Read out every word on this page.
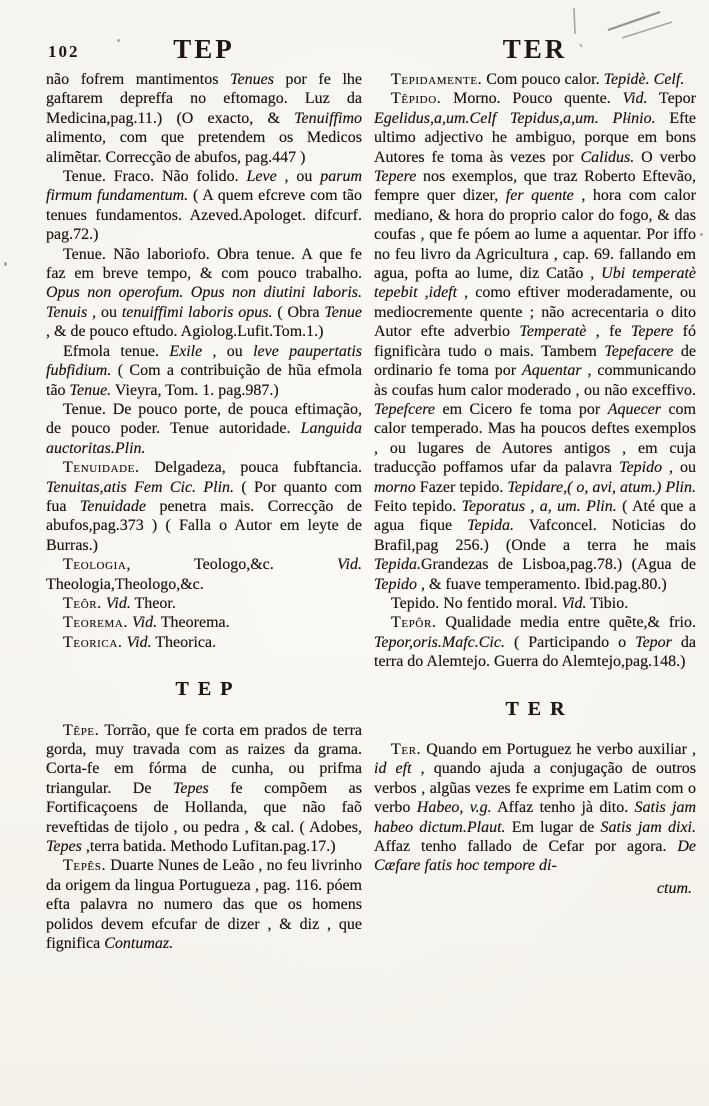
102	TEP	TER

não fofrem mantimentos Tenues por fe lhe gaftarem depreffa no eftomago. Luz da Medicina,pag.11.) (O exacto, & Tenuiffimo alimento, com que pretendem os Medicos alimẽtar. Correcção de abufos, pag.447 )

Tenue. Fraco. Não folido. Leve , ou parum firmum fundamentum. ( A quem efcreve com tão tenues fundamentos. Azeved.Apologet. difcurf. pag.72.)

Tenue. Não laboriofo. Obra tenue. A que fe faz em breve tempo, & com pouco trabalho. Opus non operofum. Opus non diutini laboris. Tenuis , ou tenuiffimi laboris opus. ( Obra Tenue , & de pouco eftudo. Agiolog.Lufit.Tom.1.)

Efmola tenue. Exile , ou leve paupertatis fubfidium. ( Com a contribuição de hũa efmola tão Tenue. Vieyra, Tom. 1. pag.987.)

Tenue. De pouco porte, de pouca eftimação, de pouco poder. Tenue autoridade. Languida auctoritas.Plin.

Tenuidade. Delgadeza, pouca fubftancia. Tenuitas,atis Fem Cic. Plin. ( Por quanto com fua Tenuidade penetra mais. Correcção de abufos,pag.373 ) ( Falla o Autor em leyte de Burras.)

Teologia, Teologo,&c. Vid. Theologia,Theologo,&c.

Teôr. Vid. Theor.

Teorema. Vid. Theorema.

Teorica. Vid. Theorica.

TEP

Têpe. Torrão, que fe corta em prados de terra gorda, muy travada com as raizes da grama. Corta-fe em fórma de cunha, ou prifma triangular. De Tepes fe compõem as Fortificaçoens de Hollanda, que não faõ reveftidas de tijolo , ou pedra , & cal. ( Adobes, Tepes ,terra batida. Methodo Lufitan.pag.17.)

Tepês. Duarte Nunes de Leão , no feu livrinho da origem da lingua Portugueza , pag. 116. póem efta palavra no numero das que os homens polidos devem efcufar de dizer , & diz , que fignifica Contumaz.

Tepidamente. Com pouco calor. Tepidè. Celf.

Têpido. Morno. Pouco quente. Vid. Tepor Egelidus,a,um.Celf Tepidus,a,um. Plinio. Efte ultimo adjectivo he ambiguo, porque em bons Autores fe toma às vezes por Calidus. O verbo Tepere nos exemplos, que traz Roberto Eftevão, fempre quer dizer, fer quente , hora com calor mediano, & hora do proprio calor do fogo, & das coufas , que fe póem ao lume a aquentar. Por iffo no feu livro da Agricultura , cap. 69. fallando em agua, pofta ao lume, diz Catão , Ubi temperatè tepebit ,ideft , como eftiver moderadamente, ou mediocremente quente ; não acrecentaria o dito Autor efte adverbio Temperatè , fe Tepere fó fignificàra tudo o mais. Tambem Tepefacere de ordinario fe toma por Aquentar , communicando às coufas hum calor moderado , ou não exceffivo. Tepefcere em Cicero fe toma por Aquecer com calor temperado. Mas ha poucos deftes exemplos , ou lugares de Autores antigos , em cuja traducção poffamos ufar da palavra Tepido , ou morno Fazer tepido. Tepidare,( o, avi, atum.) Plin. Feito tepido. Teporatus , a, um. Plin. ( Até que a agua fique Tepida. Vafconcel. Noticias do Brafil,pag 256.) (Onde a terra he mais Tepida.Grandezas de Lisboa,pag.78.) (Agua de Tepido , & fuave temperamento. Ibid.pag.80.)

Tepido. No fentido moral. Vid. Tibio.

Tepôr. Qualidade media entre quẽte,& frio. Tepor,oris.Mafc.Cic. ( Participando o Tepor da terra do Alemtejo. Guerra do Alemtejo,pag.148.)

TER

Ter. Quando em Portuguez he verbo auxiliar , id eft , quando ajuda a conjugação de outros verbos , algũas vezes fe exprime em Latim com o verbo Habeo, v.g. Affaz tenho jà dito. Satis jam habeo dictum.Plaut. Em lugar de Satis jam dixi. Affaz tenho fallado de Cefar por agora. De Cæfare fatis hoc tempore di-

ctum.
